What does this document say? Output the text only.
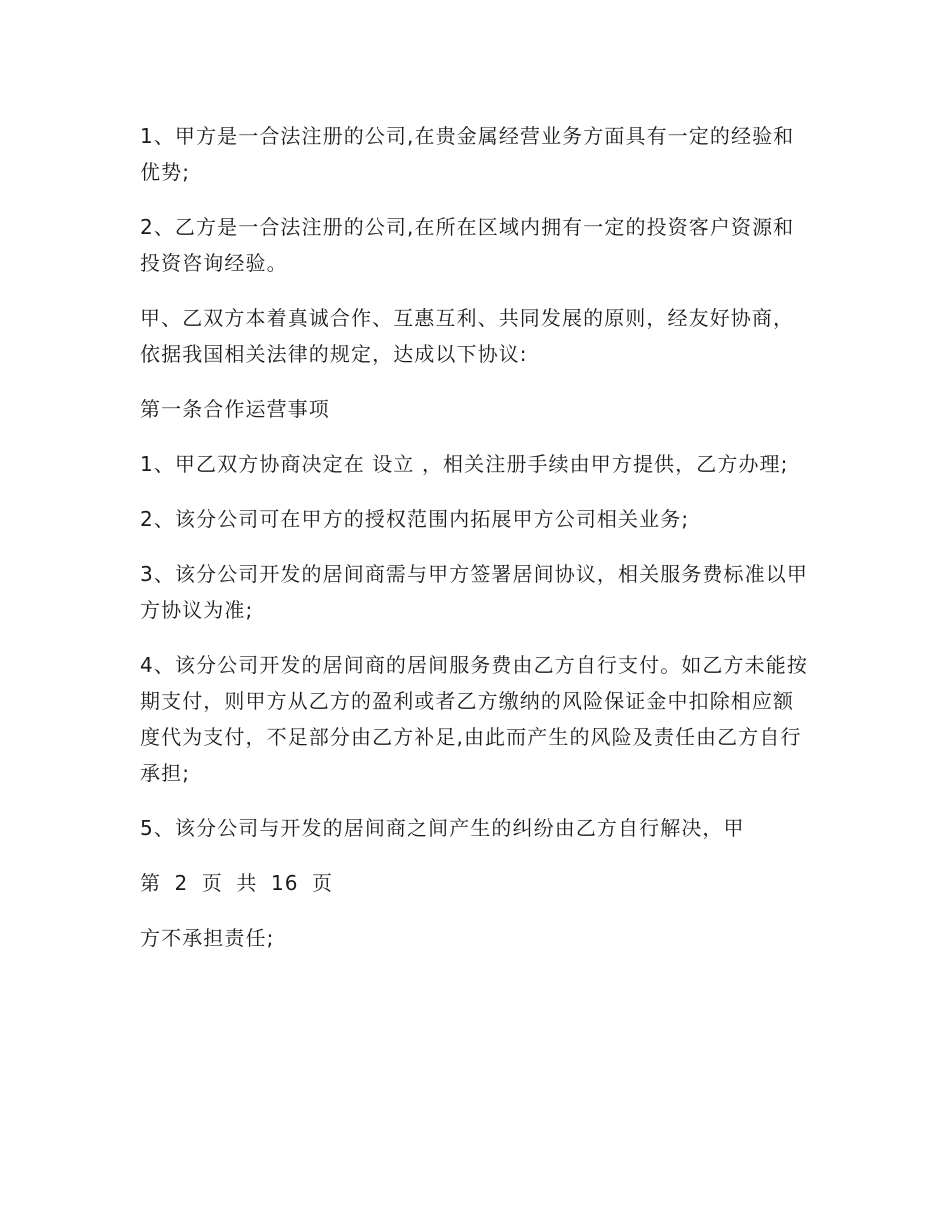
1、甲方是一合法注册的公司,在贵金属经营业务方面具有一定的经验和优势;

2、乙方是一合法注册的公司,在所在区域内拥有一定的投资客户资源和投资咨询经验。

甲、乙双方本着真诚合作、互惠互利、共同发展的原则，经友好协商，依据我国相关法律的规定，达成以下协议:

第一条合作运营事项

1、甲乙双方协商决定在 设立 ，相关注册手续由甲方提供，乙方办理;

2、该分公司可在甲方的授权范围内拓展甲方公司相关业务;

3、该分公司开发的居间商需与甲方签署居间协议，相关服务费标准以甲方协议为准;

4、该分公司开发的居间商的居间服务费由乙方自行支付。如乙方未能按期支付，则甲方从乙方的盈利或者乙方缴纳的风险保证金中扣除相应额度代为支付，不足部分由乙方补足,由此而产生的风险及责任由乙方自行承担;

5、该分公司与开发的居间商之间产生的纠纷由乙方自行解决，甲

第 2 页 共 16 页

方不承担责任;
